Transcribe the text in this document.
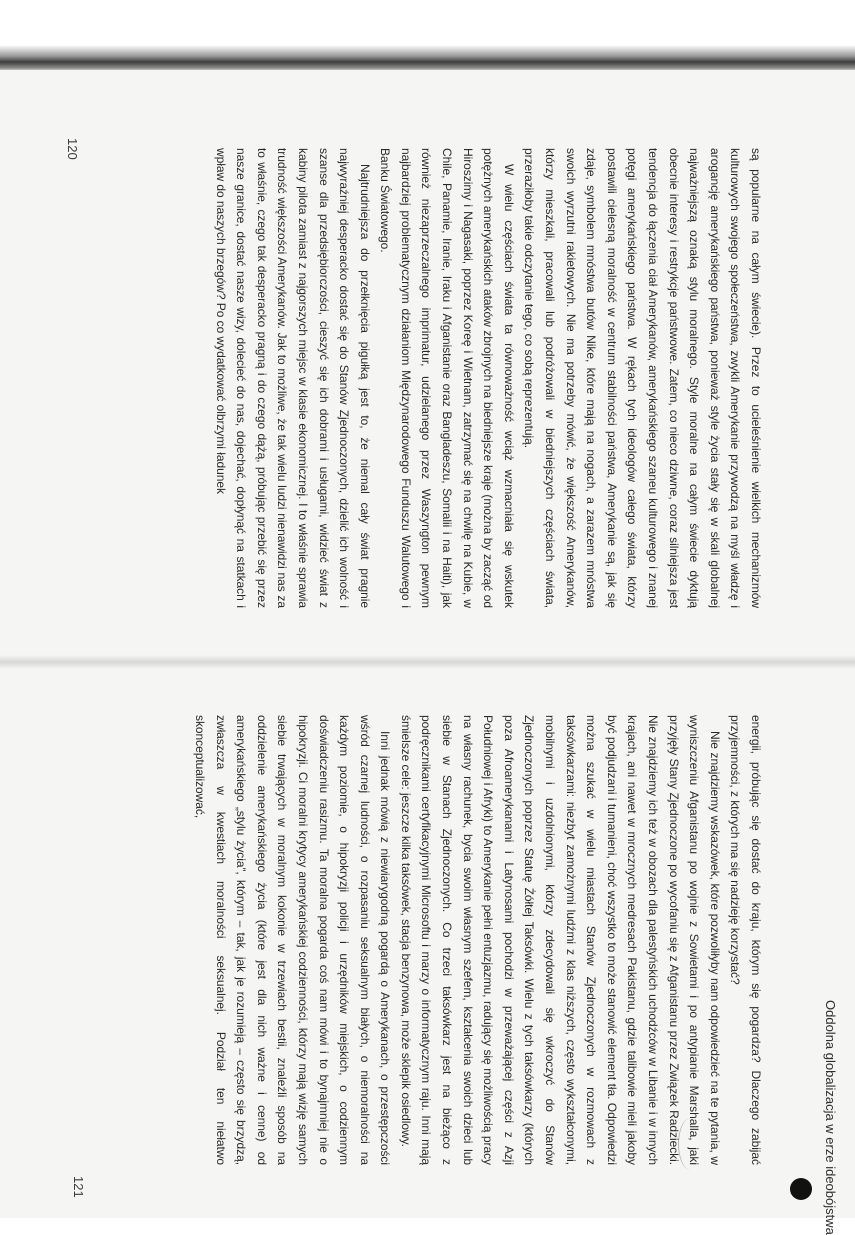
są popularne na całym świecie). Przez to ucieleśnienie wielkich mechanizmów kulturowych swojego społeczeństwa, zwykli Amerykanie przywodzą na myśl władzę i arogancję amerykańskiego państwa, ponieważ style życia stały się w skali globalnej najważniejszą oznaką stylu moralnego. Style moralne na całym świecie dyktują obecnie interesy i restrykcje państwowe. Zatem, co nieco dziwne, coraz silniejsza jest tendencja do łączenia ciał Amerykanów, amerykańskiego szaneu kulturowego i znanej potęgi amerykańskiego państwa. W rękach tych ideologów całego świata, którzy postawili cielesną moralność w centrum stabilności państwa, Amerykanie są, jak się zdaje, symbolem mnóstwa butów Nike, które mają na nogach, a zarazem mnóstwa swoich wyrzutni rakietowych. Nie ma potrzeby mówić, że większość Amerykanów, którzy mieszkali, pracowali lub podróżowali w biedniejszych częściach świata, przeraziłoby takie odczytanie tego, co sobą reprezentują.

W wielu częściach świata ta równoważność wciąż wzmacniała się wskutek potężnych amerykańskich ataków zbrojnych na biedniejsze kraje (można by zacząć od Hiroszimy i Nagasaki, poprzez Koreę i Wietnam, zatrzymać się na chwilę na Kubie, w Chile, Panamie, Iranie, Iraku i Afganistanie oraz Bangladeszu, Somalii i na Haiti), jak również niezaprzeczalnego imprimatur, udzielanego przez Waszyngton pewnym najbardziej problematycznym działaniom Międzynarodowego Funduszu Walutowego i Banku Światowego.

Najtrudniejsza do przełknięcia pigułką jest to, że niemal cały świat pragnie najwyraźniej desperacko dostać się do Stanów Zjednoczonych, dzielić ich wolność i szanse dla przedsiębiorczości, cieszyć się ich dobrami i usługami, widzieć świat z kabiny pilota zamiast z najgorszych miejsc w klasie ekonomicznej. I to właśnie sprawia trudność większości Amerykanów. Jak to możliwe, że tak wielu ludzi nienawidzi nas za to właśnie, czego tak desperacko pragną i do czego dążą, próbując przebić się przez nasze granice, dostać nasze wizy, dolecieć do nas, dojechać, dopłynąć na statkach i wpław do naszych brzegów? Po co wydatkować olbrzymi ładunek

120

energii, próbując się dostać do kraju, którym się pogardza? Dlaczego zabijać przyjemności, z których ma się nadzieję korzystać?

Nie znajdziemy wskazówek, które pozwoliłyby nam odpowiedzieć na te pytania, w wyniszczeniu Afganistanu po wojnie z Sowietami i po antypianie Marshalla, jaki przyjęły Stany Zjednoczone po wycofaniu się z Afganistanu przez Związek Radziecki. Nie znajdziemy ich też w obozach dla palestyńskich uchodźców w Libanie i w innych krajach, ani nawet w mrocznych medresach Pakistanu, gdzie talibowie mieli jakoby być podjudzani i tumanieni, choć wszystko to może stanowić element tła. Odpowiedzi można szukać w wielu miastach Stanów Zjednoczonych w rozmowach z taksówkarzami: niezbyt zamożnymi ludźmi z klas niższych, często wykształconymi, mobilnymi i uzdolnionymi, którzy zdecydowali się wkroczyć do Stanów Zjednoczonych poprzez Statuę Żółtej Taksówki. Wielu z tych taksówkarzy (których poza Afroamerykanami i Latynosami pochodzi w przeważającej części z Azji Południowej i Afryki) to Amerykanie pełni entuzjazmu, radujący się możliwością pracy na własny rachunek, bycia swoim własnym szefem, kształcenia swoich dzieci lub siebie w Stanach Zjednoczonych. Co trzeci taksówkarz jest na bieżąco z podręcznikami certyfikacyjnymi Microsoftu i marzy o informatycznym raju. Inni mają śmielsze cele: jeszcze kilka taksówek, stacja benzynowa, może sklepik osiedlowy.

Inni jednak mówią z niewiarygodną pogardą o Amerykanach, o przestępczości wśród czarnej ludności, o rozpasaniu seksualnym białych, o niemoralności na każdym poziomie, o hipokryzji policji i urzędników miejskich, o codziennym doświadczeniu rasizmu. Ta moralna pogarda coś nam mówi i to bynajmniej nie o hipokryzji. Ci moralni krytycy amerykańskiej codzienności, którzy mają wizję samych siebie trwających w moralnym kokonie w trzewiach bestii, znaleźli sposób na oddzielenie amerykańskiego życia (które jest dla nich ważne i cenne) od amerykańskiego „stylu życia”, którym – tak, jak je rozumieją – często się brzydzą, zwłaszcza w kwestiach moralności seksualnej. Podział ten niełatwo skonceptualizować,

Oddolna globalizacja w erze ideobójstwa
121
